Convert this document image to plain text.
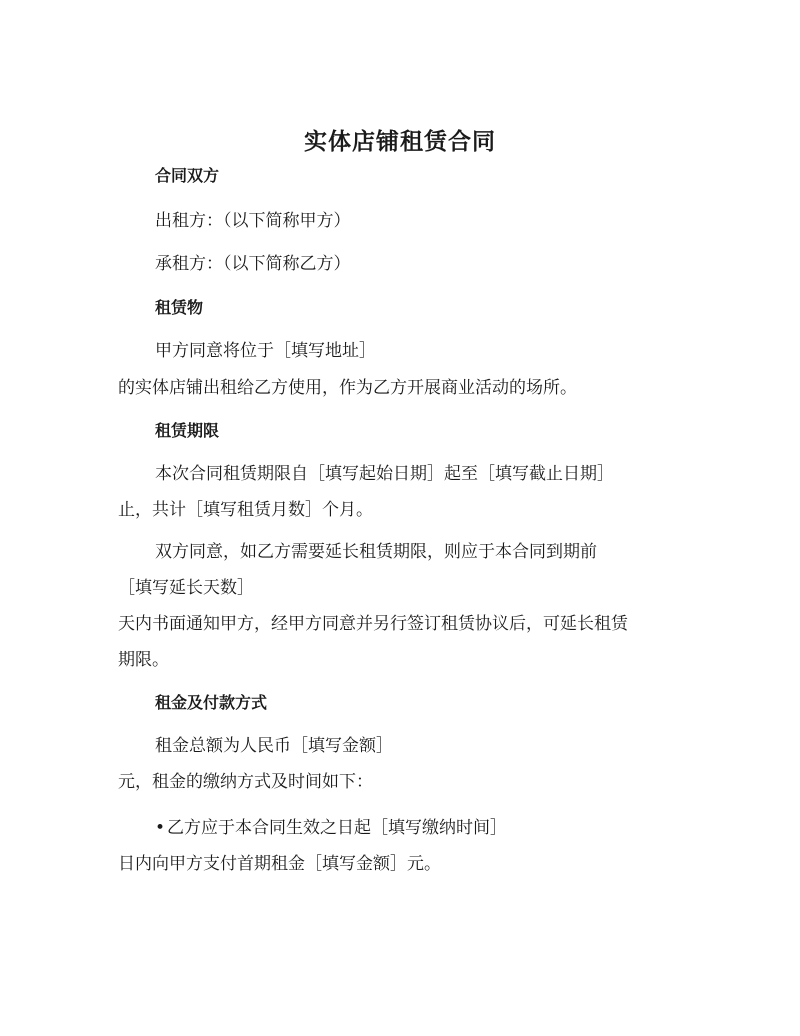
实体店铺租赁合同

合同双方

出租方：（以下简称甲方）

承租方：（以下简称乙方）

租赁物

甲方同意将位于［填写地址］

的实体店铺出租给乙方使用，作为乙方开展商业活动的场所。

租赁期限

本次合同租赁期限自［填写起始日期］起至［填写截止日期］

止，共计［填写租赁月数］个月。

双方同意，如乙方需要延长租赁期限，则应于本合同到期前

［填写延长天数］

天内书面通知甲方，经甲方同意并另行签订租赁协议后，可延长租赁

期限。

租金及付款方式

租金总额为人民币［填写金额］

元，租金的缴纳方式及时间如下：

• 乙方应于本合同生效之日起［填写缴纳时间］

日内向甲方支付首期租金［填写金额］元。
